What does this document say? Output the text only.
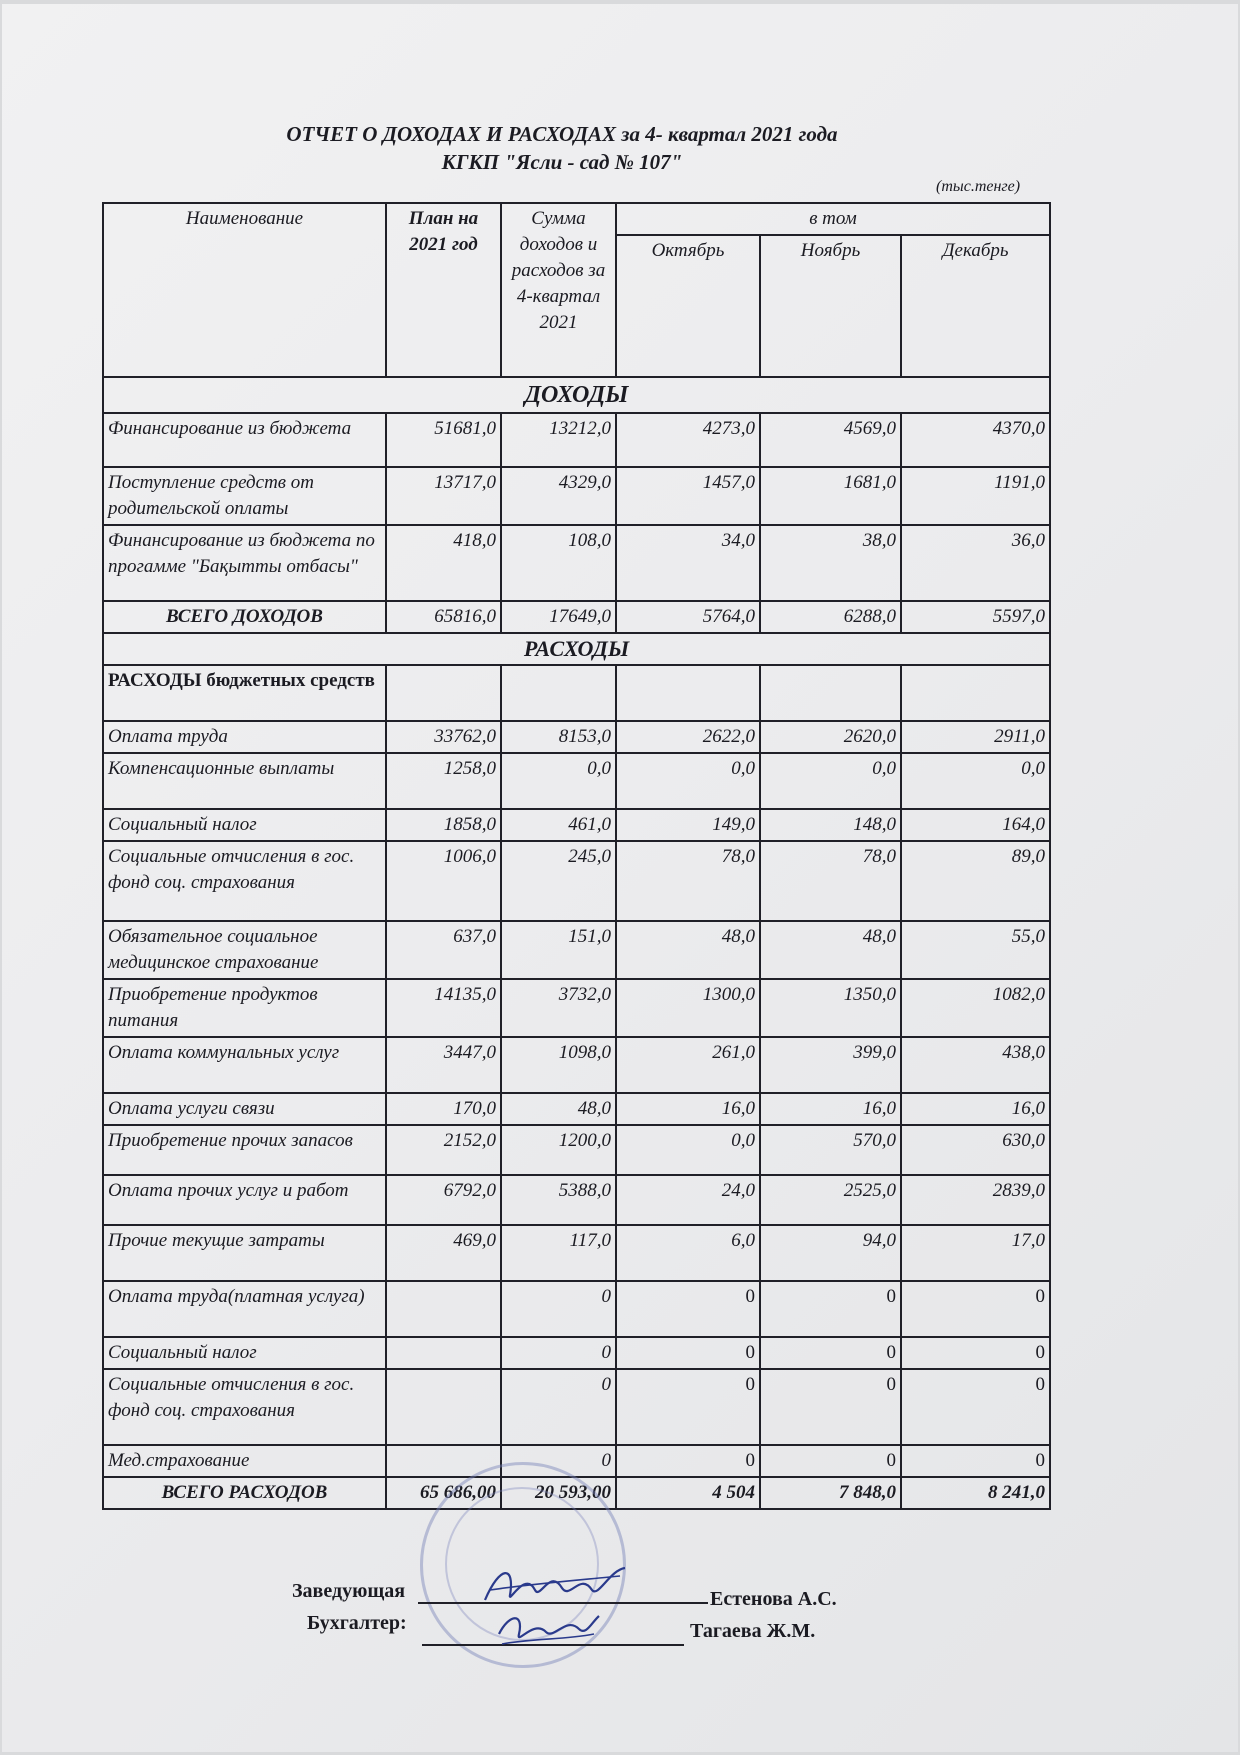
ОТЧЕТ О ДОХОДАХ И РАСХОДАХ за 4- квартал 2021 года
КГКП "Ясли - сад № 107"
(тыс.тенге)
Наименование	План на 2021 год	Сумма доходов и расходов за 4-квартал 2021	в том		
			Октябрь	Ноябрь	Декабрь
ДОХОДЫ					
Финансирование из бюджета	51681,0	13212,0	4273,0	4569,0	4370,0
Поступление средств от родительской оплаты	13717,0	4329,0	1457,0	1681,0	1191,0
Финансирование из бюджета по прогамме "Бақытты отбасы"	418,0	108,0	34,0	38,0	36,0
ВСЕГО ДОХОДОВ	65816,0	17649,0	5764,0	6288,0	5597,0
РАСХОДЫ					
РАСХОДЫ бюджетных средств					
Оплата труда	33762,0	8153,0	2622,0	2620,0	2911,0
Компенсационные выплаты	1258,0	0,0	0,0	0,0	0,0
Социальный налог	1858,0	461,0	149,0	148,0	164,0
Социальные отчисления в гос. фонд соц. страхования	1006,0	245,0	78,0	78,0	89,0
Обязательное социальное медицинское страхование	637,0	151,0	48,0	48,0	55,0
Приобретение продуктов питания	14135,0	3732,0	1300,0	1350,0	1082,0
Оплата коммунальных услуг	3447,0	1098,0	261,0	399,0	438,0
Оплата услуги связи	170,0	48,0	16,0	16,0	16,0
Приобретение прочих запасов	2152,0	1200,0	0,0	570,0	630,0
Оплата прочих услуг и работ	6792,0	5388,0	24,0	2525,0	2839,0
Прочие текущие затраты	469,0	117,0	6,0	94,0	17,0
Оплата труда(платная услуга)		0	0	0	0
Социальный налог		0	0	0	0
Социальные отчисления в гос. фонд соц. страхования		0	0	0	0
Мед.страхование		0	0	0	0
ВСЕГО РАСХОДОВ	65 686,00	20 593,00	4 504	7 848,0	8 241,0
Заведующая	Естенова А.С.
Бухгалтер:	Тагаева Ж.М.
